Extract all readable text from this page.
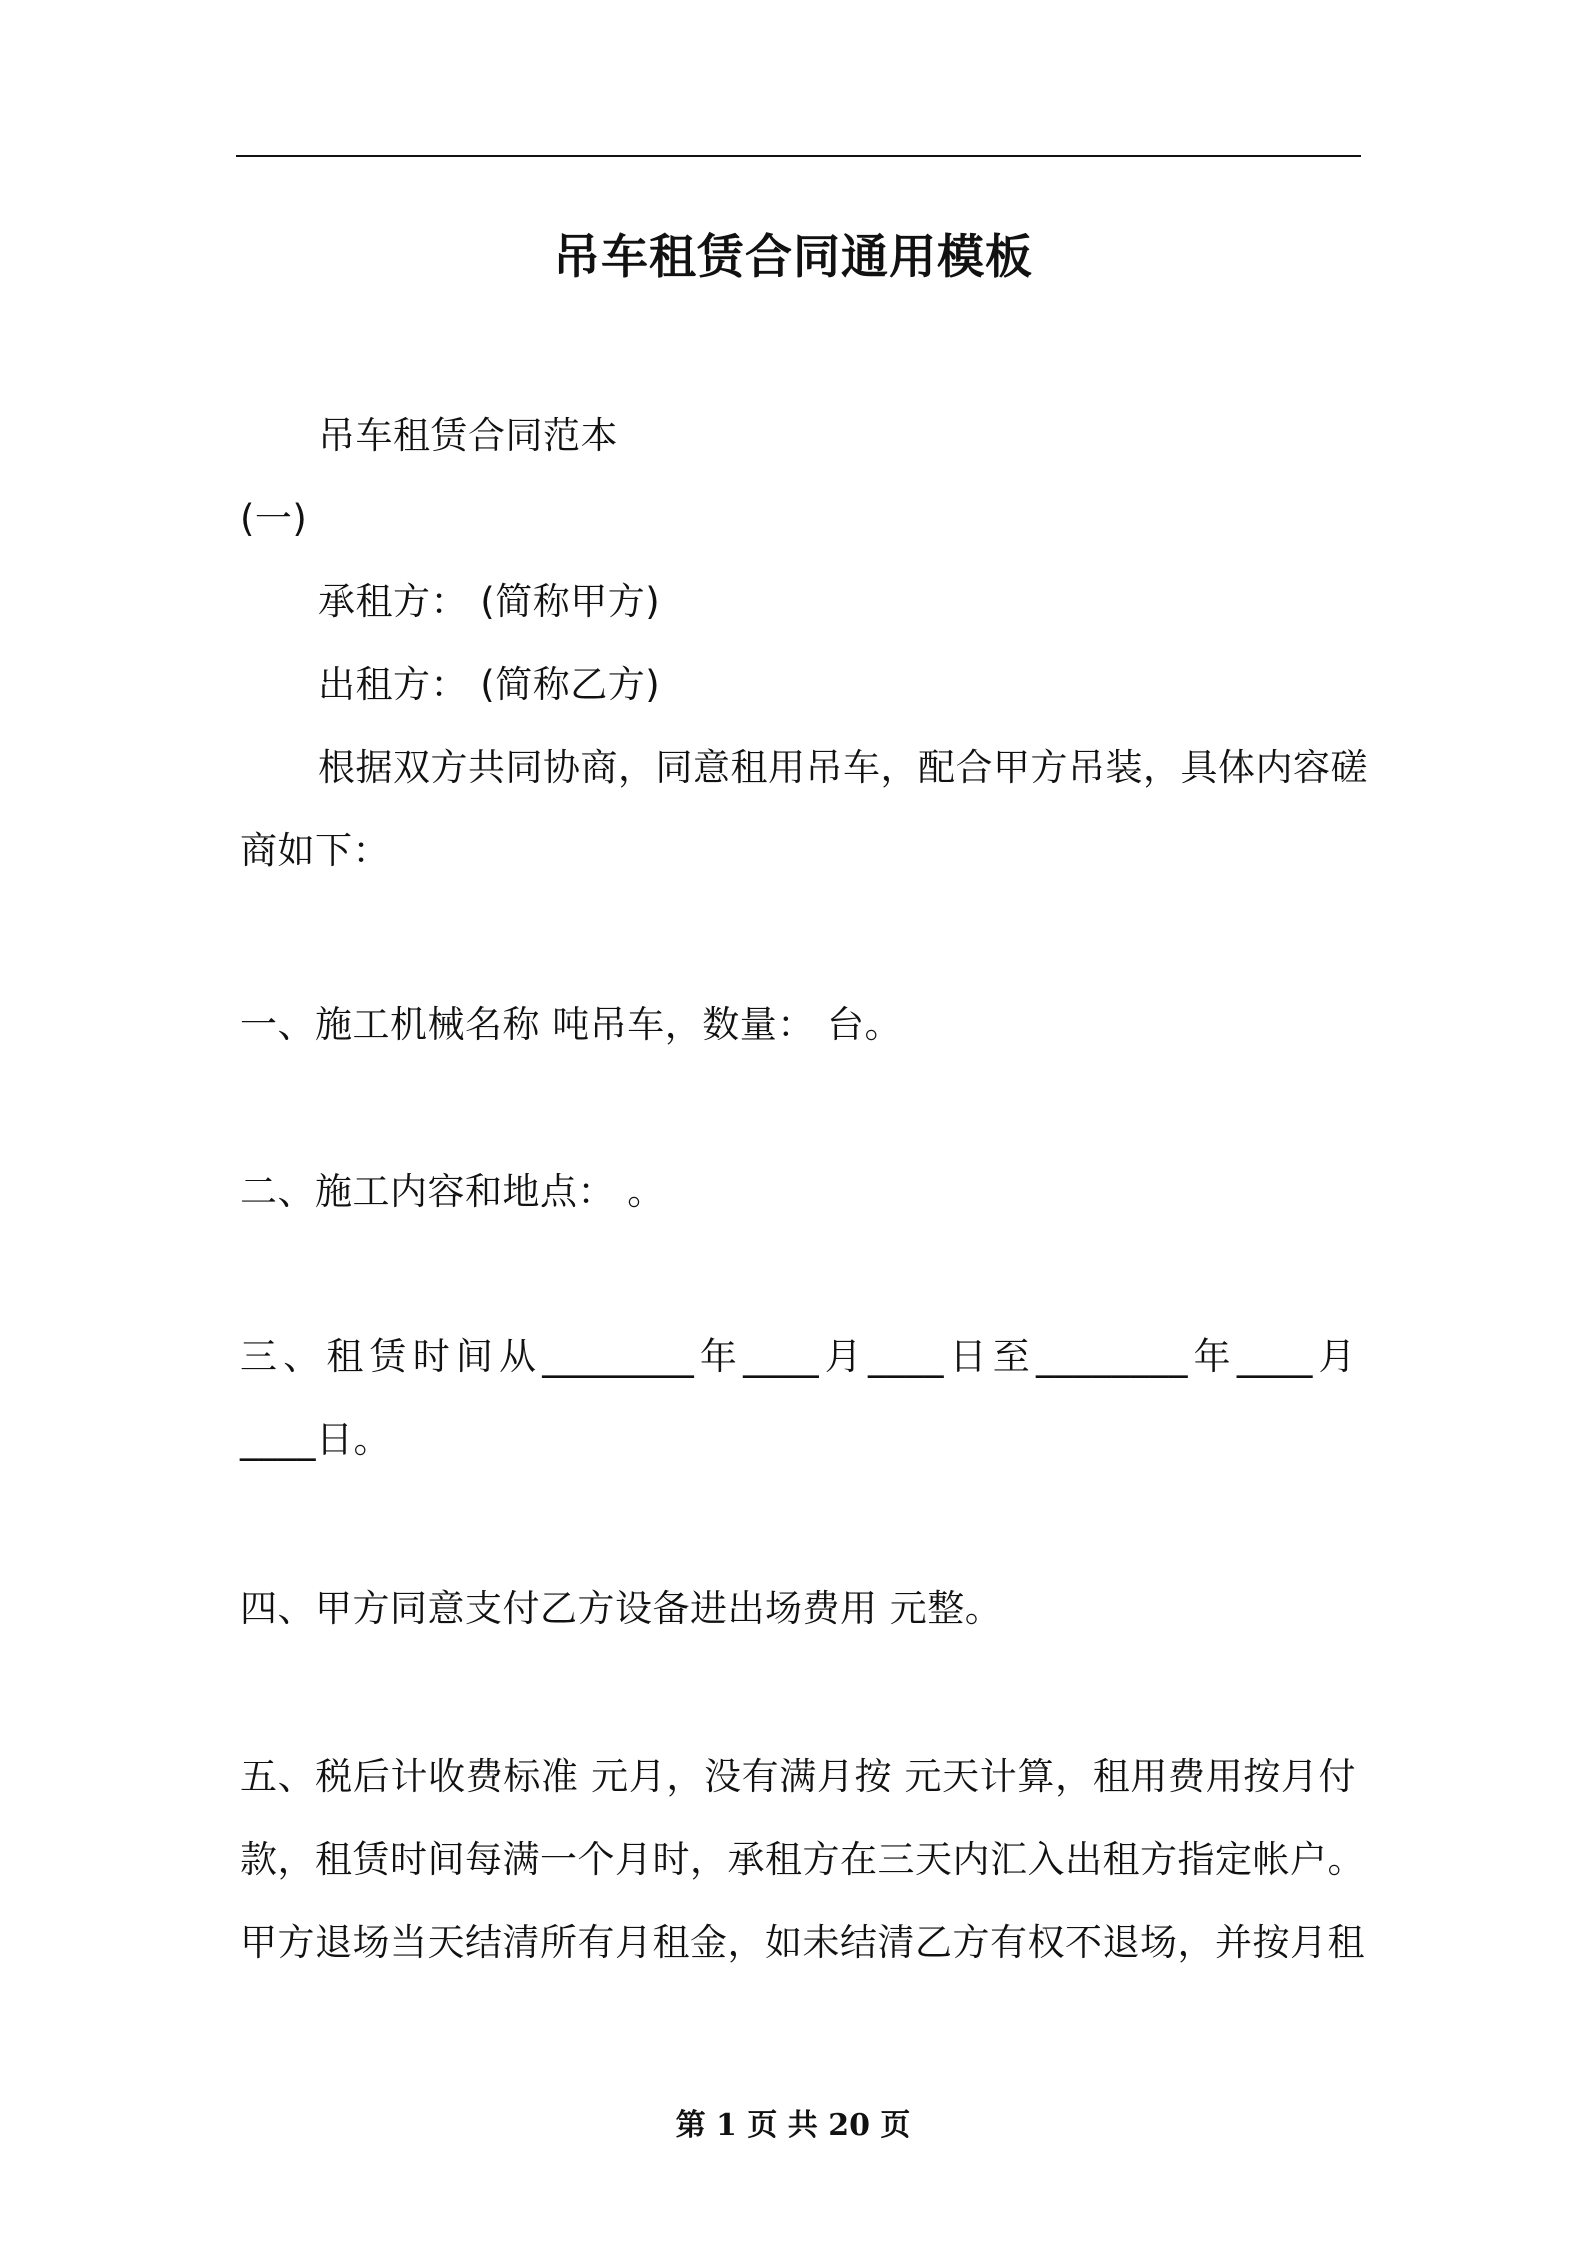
吊车租赁合同通用模板
吊车租赁合同范本
(一)
承租方： (简称甲方)
出租方： (简称乙方)
根据双方共同协商，同意租用吊车，配合甲方吊装，具体内容磋
商如下：
一、施工机械名称 吨吊车，数量： 台。
二、施工内容和地点： 。
三、租赁时间从________年____月____日至________年____月
____日。
四、甲方同意支付乙方设备进出场费用 元整。
五、税后计收费标准 元月，没有满月按 元天计算，租用费用按月付
款，租赁时间每满一个月时，承租方在三天内汇入出租方指定帐户。
甲方退场当天结清所有月租金，如未结清乙方有权不退场，并按月租
第 1 页 共 20 页
